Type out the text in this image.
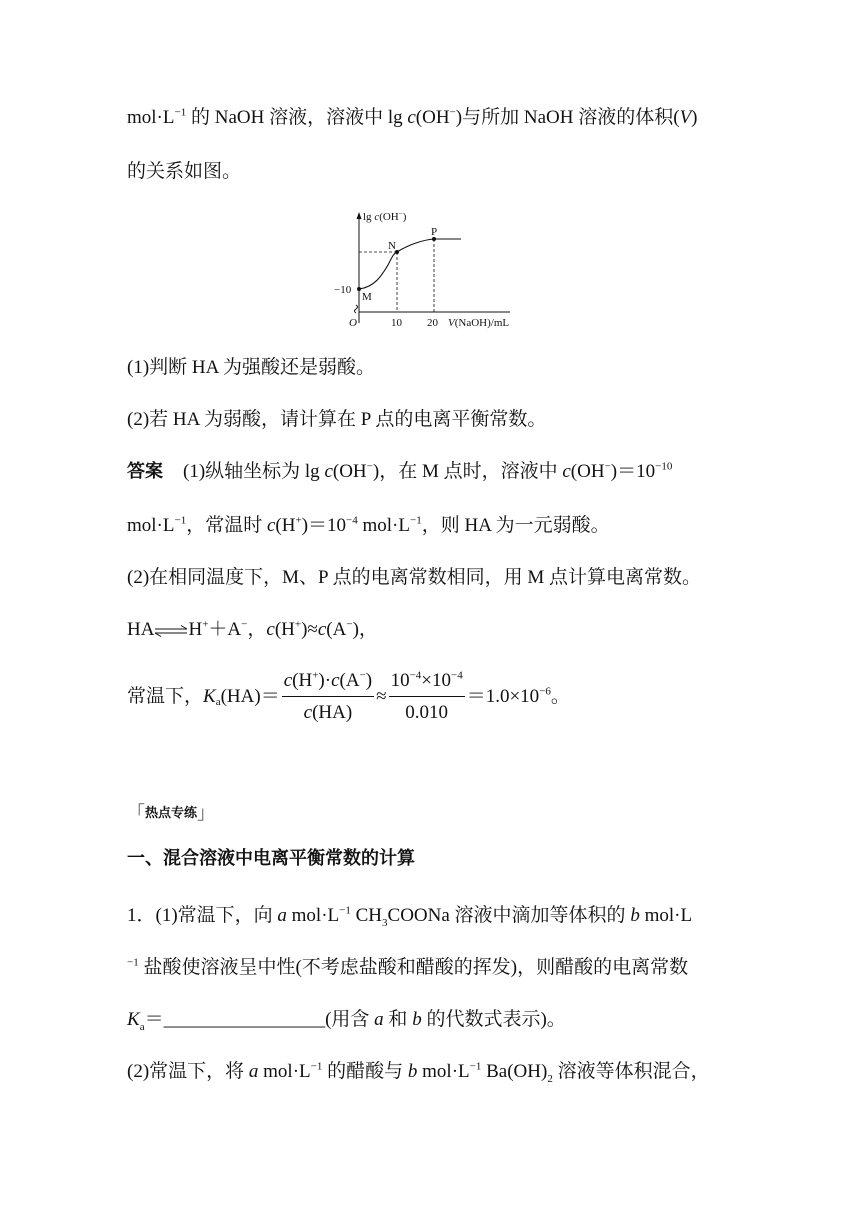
$mol\cdot L^{-1}$ 的 NaOH 溶液，溶液中 lg c(OH−)与所加 NaOH 溶液的体积(V)
的关系如图。
lg c(OH−)
N
P
M
−10
O	10 20 V(NaOH)/mL
(1)判断 HA 为强酸还是弱酸。
(2)若 HA 为弱酸，请计算在 P 点的电离平衡常数。
答案 (1)纵轴坐标为 lg c(OH−)，在 M 点时，溶液中 $c(OH^-)=10^{-10}$
$mol\cdot L^{-1}$，常温时 $c(H^+)=10^{-4}$ $mol\cdot L^{-1}$，则 HA 为一元弱酸。
(2)在相同温度下，M、P 点的电离常数相同，用 M 点计算电离常数。
HA⇌H+＋A−，c(H+)≈c(A−)，
常温下，$K_a(HA)= \frac{c(H^+)\cdot c(A^-)}{c(HA)} \approx \frac{10^{-4}\times 10^{-4}}{0.010} =1.0\times 10^{-6}$。
「热点专练」
一、混合溶液中电离平衡常数的计算
1．(1)常温下，向 a $mol\cdot L^{-1}$ $CH_3COONa$ 溶液中滴加等体积的 b mol·L
$^{-1}$ 盐酸使溶液呈中性(不考虑盐酸和醋酸的挥发)，则醋酸的电离常数
$K_a=\_\_\_\_\_\_\_\_\_\_\_\_\_\_\_\_\_$(用含 a 和 b 的代数式表示)。
(2)常温下，将 a $mol\cdot L^{-1}$ 的醋酸与 b $mol\cdot L^{-1}$ $Ba(OH)_2$ 溶液等体积混合，
